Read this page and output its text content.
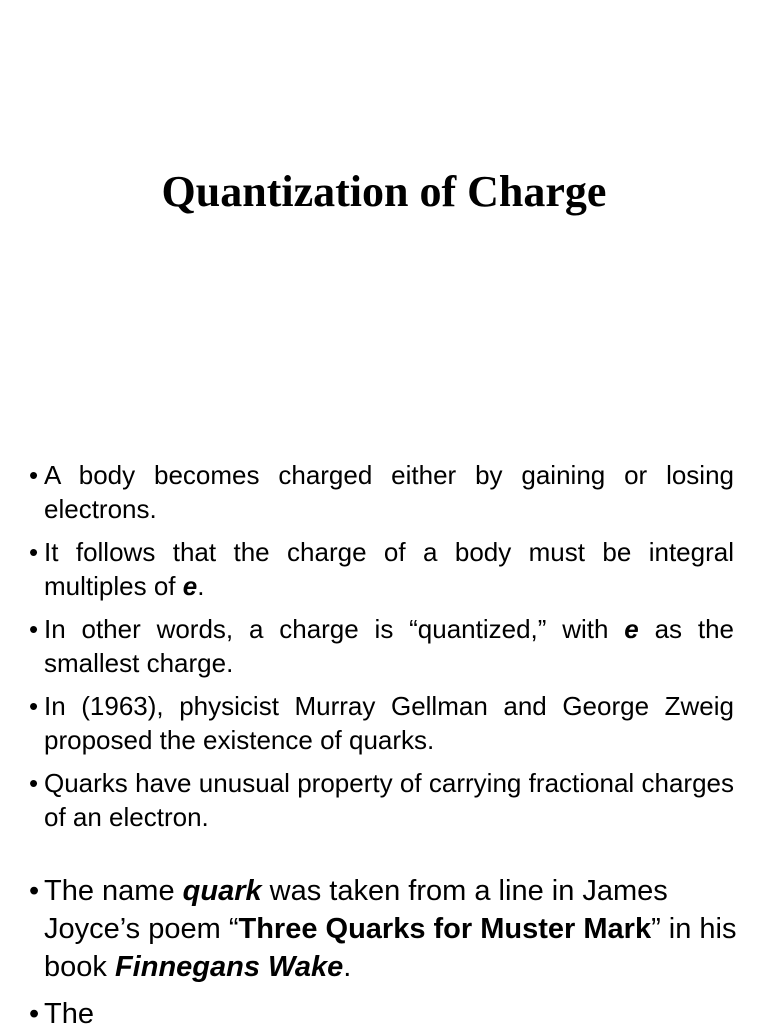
Quantization of Charge
• A body becomes charged either by gaining or losing electrons.
• It follows that the charge of a body must be integral multiples of e.
• In other words, a charge is “quantized,” with e as the smallest charge.
• In (1963), physicist Murray Gellman and George Zweig proposed the existence of quarks.
• Quarks have unusual property of carrying fractional charges of an electron.
• The name quark was taken from a line in James Joyce’s poem “Three Quarks for Muster Mark” in his book Finnegans Wake.
• The
